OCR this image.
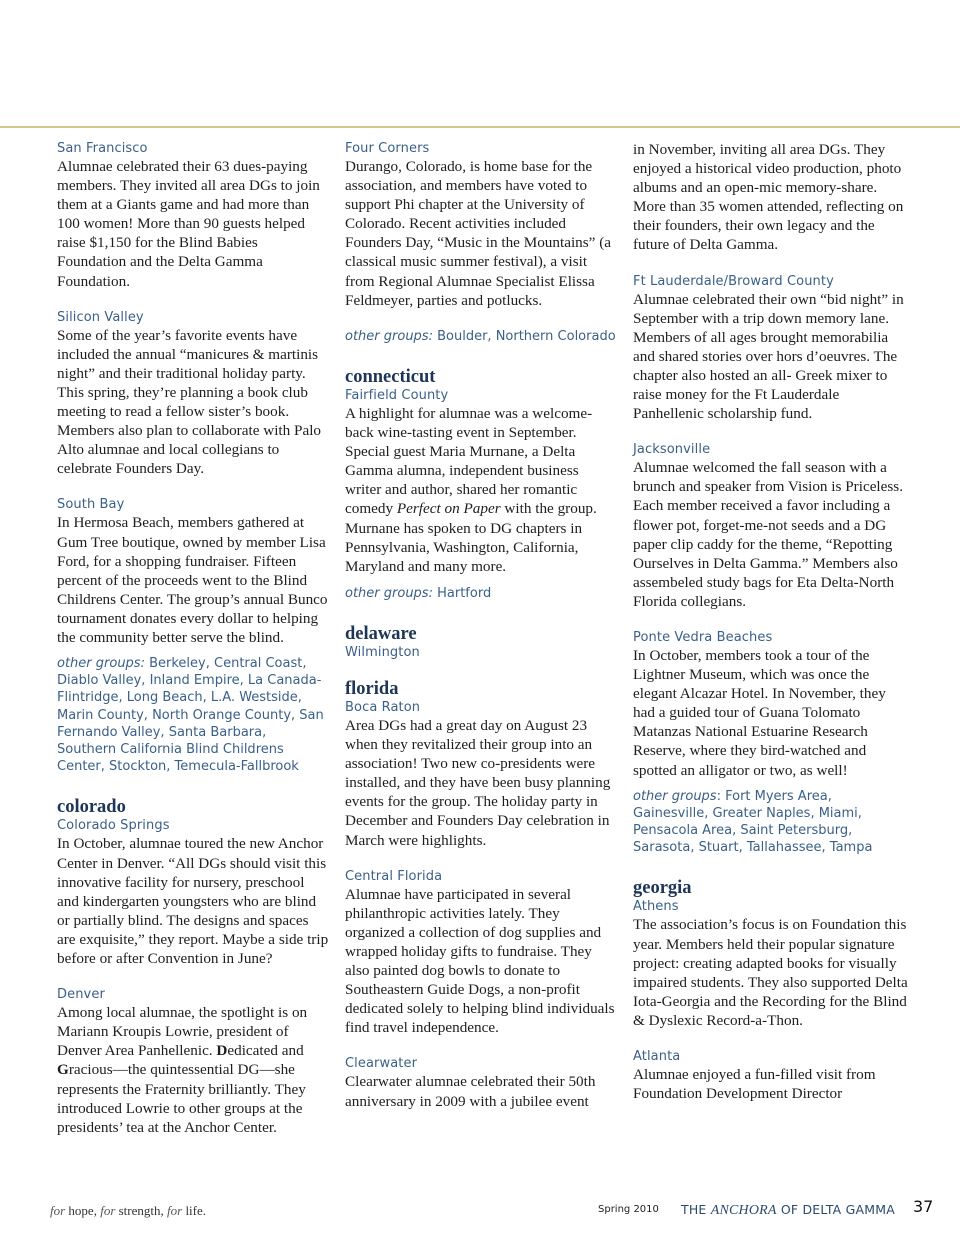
San Francisco

Alumnae celebrated their 63 dues-paying members. They invited all area DGs to join them at a Giants game and had more than 100 women! More than 90 guests helped raise $1,150 for the Blind Babies Foundation and the Delta Gamma Foundation.

Silicon Valley

Some of the year’s favorite events have included the annual “manicures & martinis night” and their traditional holiday party. This spring, they’re planning a book club meeting to read a fellow sister’s book. Members also plan to collaborate with Palo Alto alumnae and local collegians to celebrate Founders Day.

South Bay

In Hermosa Beach, members gathered at Gum Tree boutique, owned by member Lisa Ford, for a shopping fundraiser. Fifteen percent of the proceeds went to the Blind Childrens Center. The group’s annual Bunco tournament donates every dollar to helping the community better serve the blind.

other groups: Berkeley, Central Coast, Diablo Valley, Inland Empire, La Canada-Flintridge, Long Beach, L.A. Westside, Marin County, North Orange County, San Fernando Valley, Santa Barbara, Southern California Blind Childrens Center, Stockton, Temecula-Fallbrook

colorado

Colorado Springs

In October, alumnae toured the new Anchor Center in Denver. “All DGs should visit this innovative facility for nursery, preschool and kindergarten youngsters who are blind or partially blind. The designs and spaces are exquisite,” they report. Maybe a side trip before or after Convention in June?

Denver

Among local alumnae, the spotlight is on Mariann Kroupis Lowrie, president of Denver Area Panhellenic. Dedicated and Gracious—the quintessential DG—she represents the Fraternity brilliantly. They introduced Lowrie to other groups at the presidents’ tea at the Anchor Center.

Four Corners

Durango, Colorado, is home base for the association, and members have voted to support Phi chapter at the University of Colorado. Recent activities included Founders Day, “Music in the Mountains” (a classical music summer festival), a visit from Regional Alumnae Specialist Elissa Feldmeyer, parties and potlucks.

other groups: Boulder, Northern Colorado

connecticut

Fairfield County

A highlight for alumnae was a welcome-back wine-tasting event in September. Special guest Maria Murnane, a Delta Gamma alumna, independent business writer and author, shared her romantic comedy Perfect on Paper with the group. Murnane has spoken to DG chapters in Pennsylvania, Washington, California, Maryland and many more.

other groups: Hartford

delaware

Wilmington

florida

Boca Raton

Area DGs had a great day on August 23 when they revitalized their group into an association! Two new co-presidents were installed, and they have been busy planning events for the group. The holiday party in December and Founders Day celebration in March were highlights.

Central Florida

Alumnae have participated in several philanthropic activities lately. They organized a collection of dog supplies and wrapped holiday gifts to fundraise. They also painted dog bowls to donate to Southeastern Guide Dogs, a non-profit dedicated solely to helping blind individuals find travel independence.

Clearwater

Clearwater alumnae celebrated their 50th anniversary in 2009 with a jubilee event

in November, inviting all area DGs. They enjoyed a historical video production, photo albums and an open-mic memory-share. More than 35 women attended, reflecting on their founders, their own legacy and the future of Delta Gamma.

Ft Lauderdale/Broward County

Alumnae celebrated their own “bid night” in September with a trip down memory lane. Members of all ages brought memorabilia and shared stories over hors d’oeuvres. The chapter also hosted an all- Greek mixer to raise money for the Ft Lauderdale Panhellenic scholarship fund.

Jacksonville

Alumnae welcomed the fall season with a brunch and speaker from Vision is Priceless. Each member received a favor including a flower pot, forget-me-not seeds and a DG paper clip caddy for the theme, “Repotting Ourselves in Delta Gamma.” Members also assembeled study bags for Eta Delta-North Florida collegians.

Ponte Vedra Beaches

In October, members took a tour of the Lightner Museum, which was once the elegant Alcazar Hotel. In November, they had a guided tour of Guana Tolomato Matanzas National Estuarine Research Reserve, where they bird-watched and spotted an alligator or two, as well!

other groups: Fort Myers Area, Gainesville, Greater Naples, Miami, Pensacola Area, Saint Petersburg, Sarasota, Stuart, Tallahassee, Tampa

georgia

Athens

The association’s focus is on Foundation this year. Members held their popular signature project: creating adapted books for visually impaired students. They also supported Delta Iota-Georgia and the Recording for the Blind & Dyslexic Record-a-Thon.

Atlanta

Alumnae enjoyed a fun-filled visit from Foundation Development Director

for hope, for strength, for life.	Spring 2010 THE ANCHORA OF DELTA GAMMA 37
